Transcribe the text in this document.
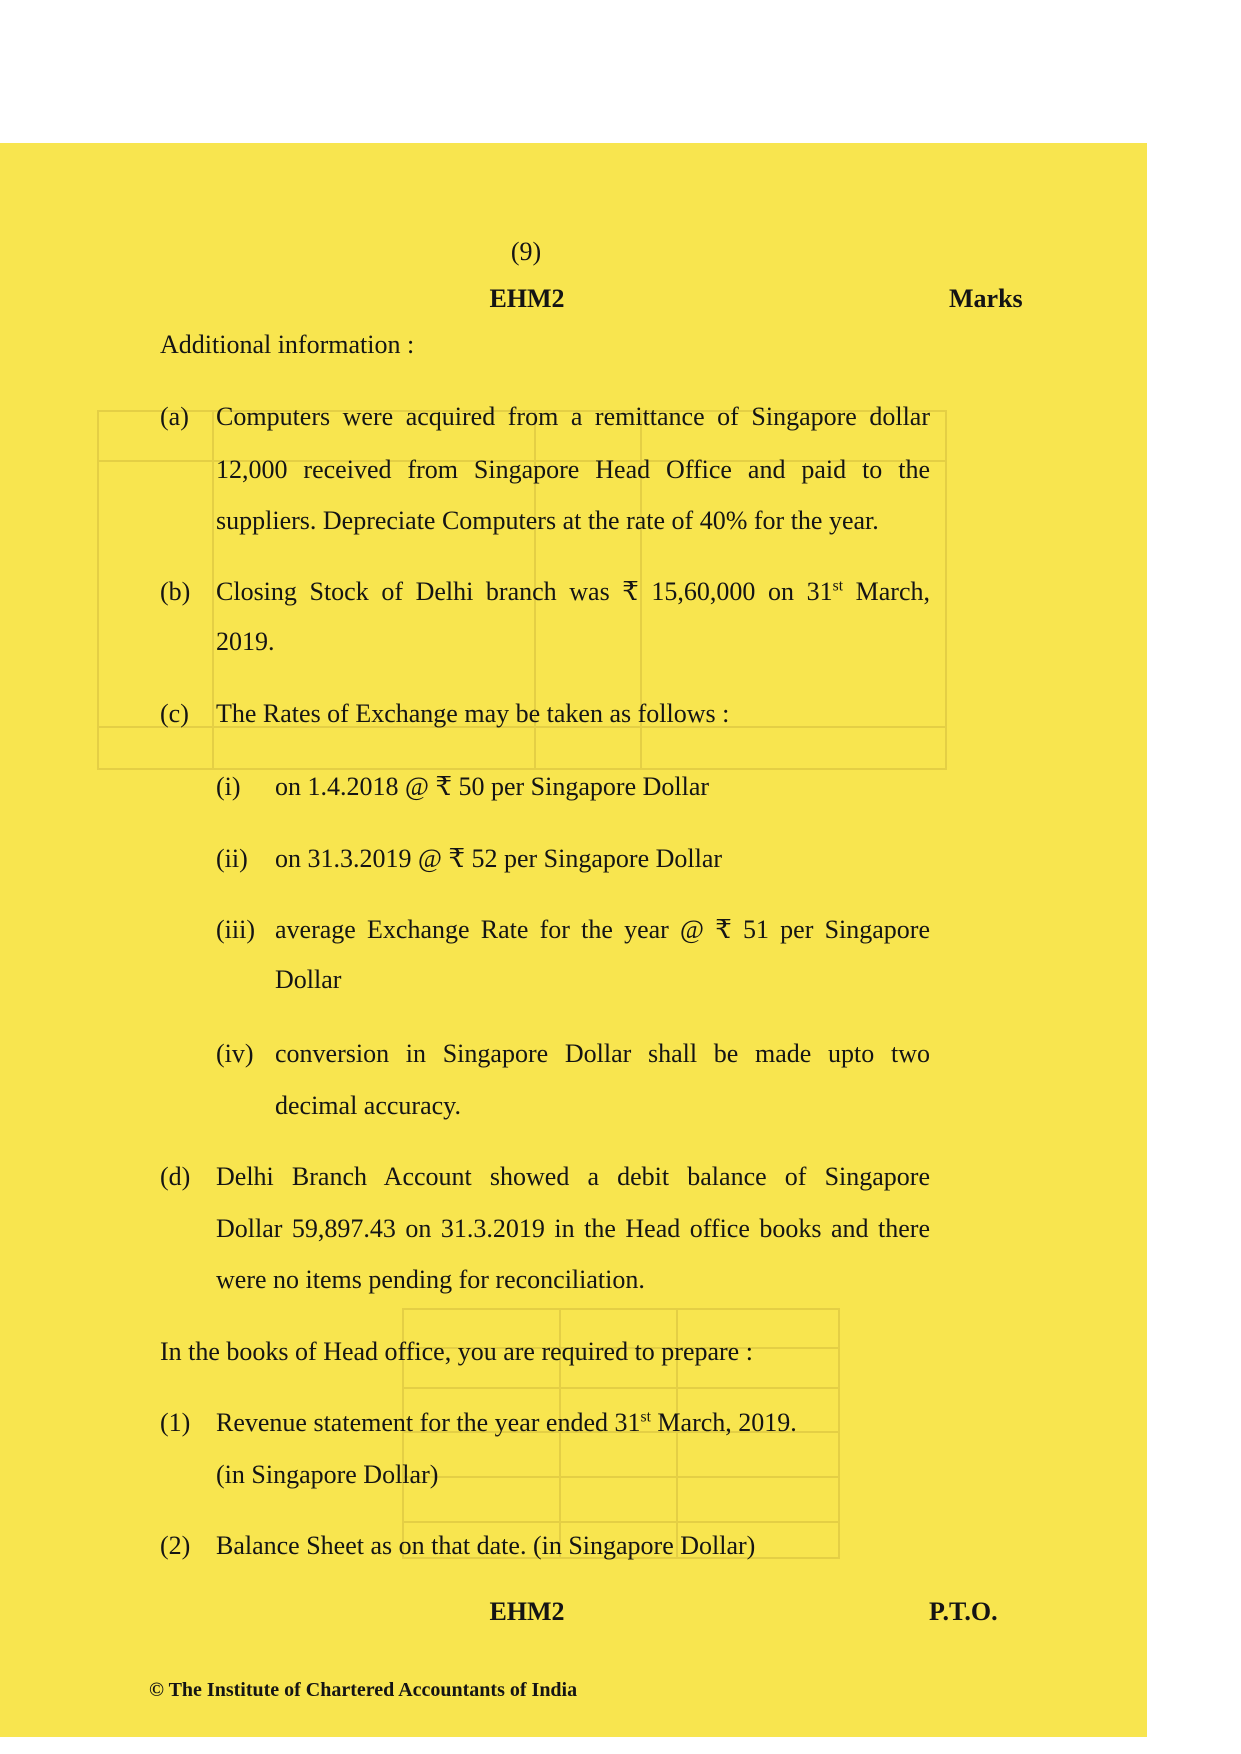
(9)
EHM2	Marks
Additional information :
(a) Computers were acquired from a remittance of Singapore dollar
12,000 received from Singapore Head Office and paid to the
suppliers. Depreciate Computers at the rate of 40% for the year.
(b) Closing Stock of Delhi branch was ₹ 15,60,000 on 31st March,
2019.
(c) The Rates of Exchange may be taken as follows :
(i) on 1.4.2018 @ ₹ 50 per Singapore Dollar
(ii) on 31.3.2019 @ ₹ 52 per Singapore Dollar
(iii) average Exchange Rate for the year @ ₹ 51 per Singapore
Dollar
(iv) conversion in Singapore Dollar shall be made upto two
decimal accuracy.
(d) Delhi Branch Account showed a debit balance of Singapore
Dollar 59,897.43 on 31.3.2019 in the Head office books and there
were no items pending for reconciliation.
In the books of Head office, you are required to prepare :
(1) Revenue statement for the year ended 31st March, 2019.
(in Singapore Dollar)
(2) Balance Sheet as on that date. (in Singapore Dollar)
EHM2	P.T.O.
© The Institute of Chartered Accountants of India
